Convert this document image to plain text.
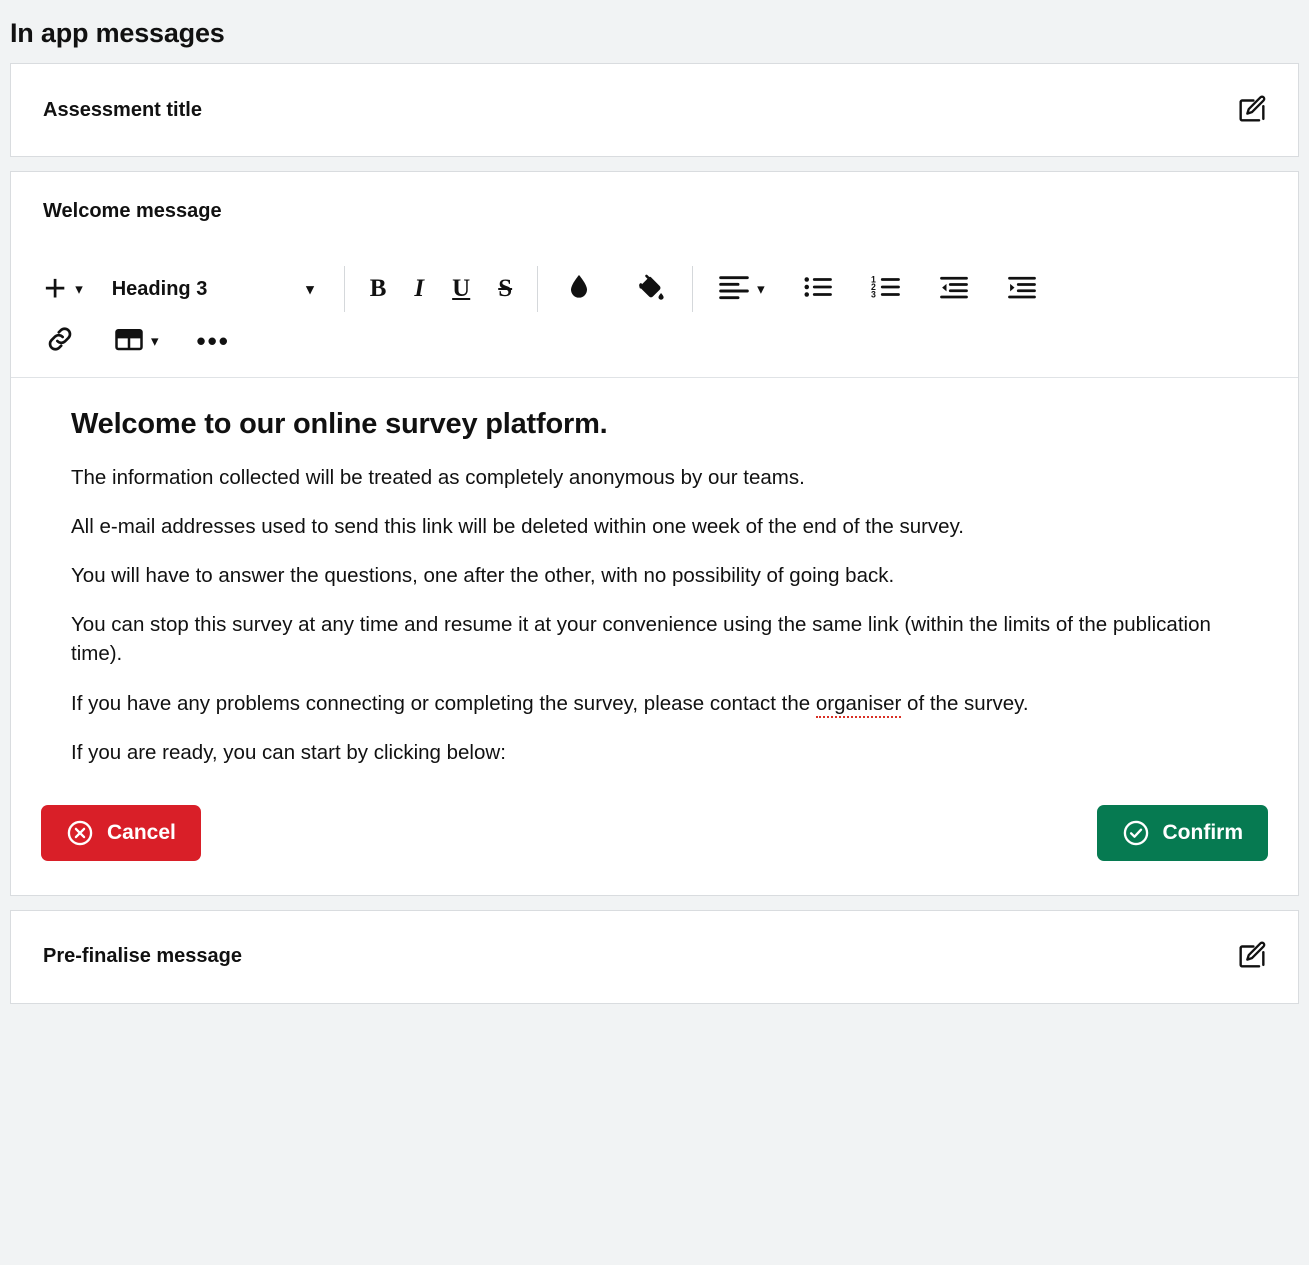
In app messages
Assessment title
Welcome message
+ ▾ Heading 3	▾ B I U S	▾
1
2
3
▾ •••
Welcome to our online survey platform.

The information collected will be treated as completely anonymous by our teams.

All e-mail addresses used to send this link will be deleted within one week of the end of the survey.

You will have to answer the questions, one after the other, with no possibility of going back.

You can stop this survey at any time and resume it at your convenience using the same link (within the limits of the publication time).

If you have any problems connecting or completing the survey, please contact the organiser of the survey.

If you are ready, you can start by clicking below:

Cancel	Confirm
Pre-finalise message
